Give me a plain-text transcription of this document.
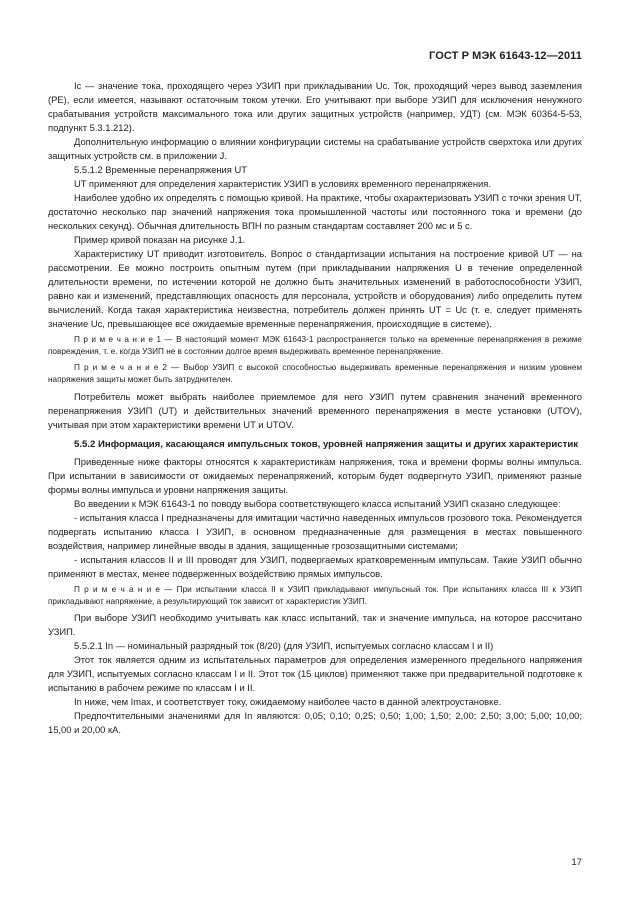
ГОСТ Р МЭК 61643-12—2011

Ic — значение тока, проходящего через УЗИП при прикладывании Uc. Ток, проходящий через вывод заземления (PE), если имеется, называют остаточным током утечки. Его учитывают при выборе УЗИП для исключения ненужного срабатывания устройств максимального тока или других защитных устройств (например, УДТ) (см. МЭК 60364-5-53, подпункт 5.3.1.212).

Дополнительную информацию о влиянии конфигурации системы на срабатывание устройств сверхтока или других защитных устройств см. в приложении J.

5.5.1.2 Временные перенапряжения UT

UT применяют для определения характеристик УЗИП в условиях временного перенапряжения.

Наиболее удобно их определять с помощью кривой. На практике, чтобы охарактеризовать УЗИП с точки зрения UT, достаточно несколько пар значений напряжения тока промышленной частоты или постоянного тока и времени (до нескольких секунд). Обычная длительность ВПН по разным стандартам составляет 200 мс и 5 с.

Пример кривой показан на рисунке J.1.

Характеристику UT приводит изготовитель. Вопрос о стандартизации испытания на построение кривой UT — на рассмотрении. Ее можно построить опытным путем (при прикладывании напряжения U в течение определенной длительности времени, по истечении которой не должно быть значительных изменений в работоспособности УЗИП, равно как и изменений, представляющих опасность для персонала, устройств и оборудования) либо определить путем вычислений. Когда такая характеристика неизвестна, потребитель должен принять UT = Uc (т. е. следует применять значение Uc, превышающее все ожидаемые временные перенапряжения, происходящие в системе).

П р и м е ч а н и е 1 — В настоящий момент МЭК 61643-1 распространяется только на временные перенапряжения в режиме повреждения, т. е. когда УЗИП не в состоянии долгое время выдерживать временное перенапряжение.

П р и м е ч а н и е 2 — Выбор УЗИП с высокой способностью выдерживать временные перенапряжения и низким уровнем напряжения защиты может быть затруднителен.

Потребитель может выбрать наиболее приемлемое для него УЗИП путем сравнения значений временного перенапряжения УЗИП (UT) и действительных значений временного перенапряжения в месте установки (UTOV), учитывая при этом характеристики времени UT и UTOV.

5.5.2 Информация, касающаяся импульсных токов, уровней напряжения защиты и других характеристик

Приведенные ниже факторы относятся к характеристикам напряжения, тока и времени формы волны импульса. При испытании в зависимости от ожидаемых перенапряжений, которым будет подвергнуто УЗИП, применяют разные формы волны импульса и уровни напряжения защиты.

Во введении к МЭК 61643-1 по поводу выбора соответствующего класса испытаний УЗИП сказано следующее:

- испытания класса I предназначены для имитации частично наведенных импульсов грозового тока. Рекомендуется подвергать испытанию класса I УЗИП, в основном предназначенные для размещения в местах повышенного воздействия, например линейные вводы в здания, защищенные грозозащитными системами;

- испытания классов II и III проводят для УЗИП, подвергаемых кратковременным импульсам. Такие УЗИП обычно применяют в местах, менее подверженных воздействию прямых импульсов.

П р и м е ч а н и е — При испытании класса II к УЗИП прикладывают импульсный ток. При испытаниях класса III к УЗИП прикладывают напряжение, а результирующий ток зависит от характеристик УЗИП.

При выборе УЗИП необходимо учитывать как класс испытаний, так и значение импульса, на которое рассчитано УЗИП.

5.5.2.1 In — номинальный разрядный ток (8/20) (для УЗИП, испытуемых согласно классам I и II)

Этот ток является одним из испытательных параметров для определения измеренного предельного напряжения для УЗИП, испытуемых согласно классам I и II. Этот ток (15 циклов) применяют также при предварительной подготовке к испытанию в рабочем режиме по классам I и II.

In ниже, чем Imax, и соответствует току, ожидаемому наиболее часто в данной электроустановке.

Предпочтительными значениями для In являются: 0,05; 0,10; 0,25; 0,50; 1,00; 1,50; 2,00; 2,50; 3,00; 5,00; 10,00; 15,00 и 20,00 кА.

17
